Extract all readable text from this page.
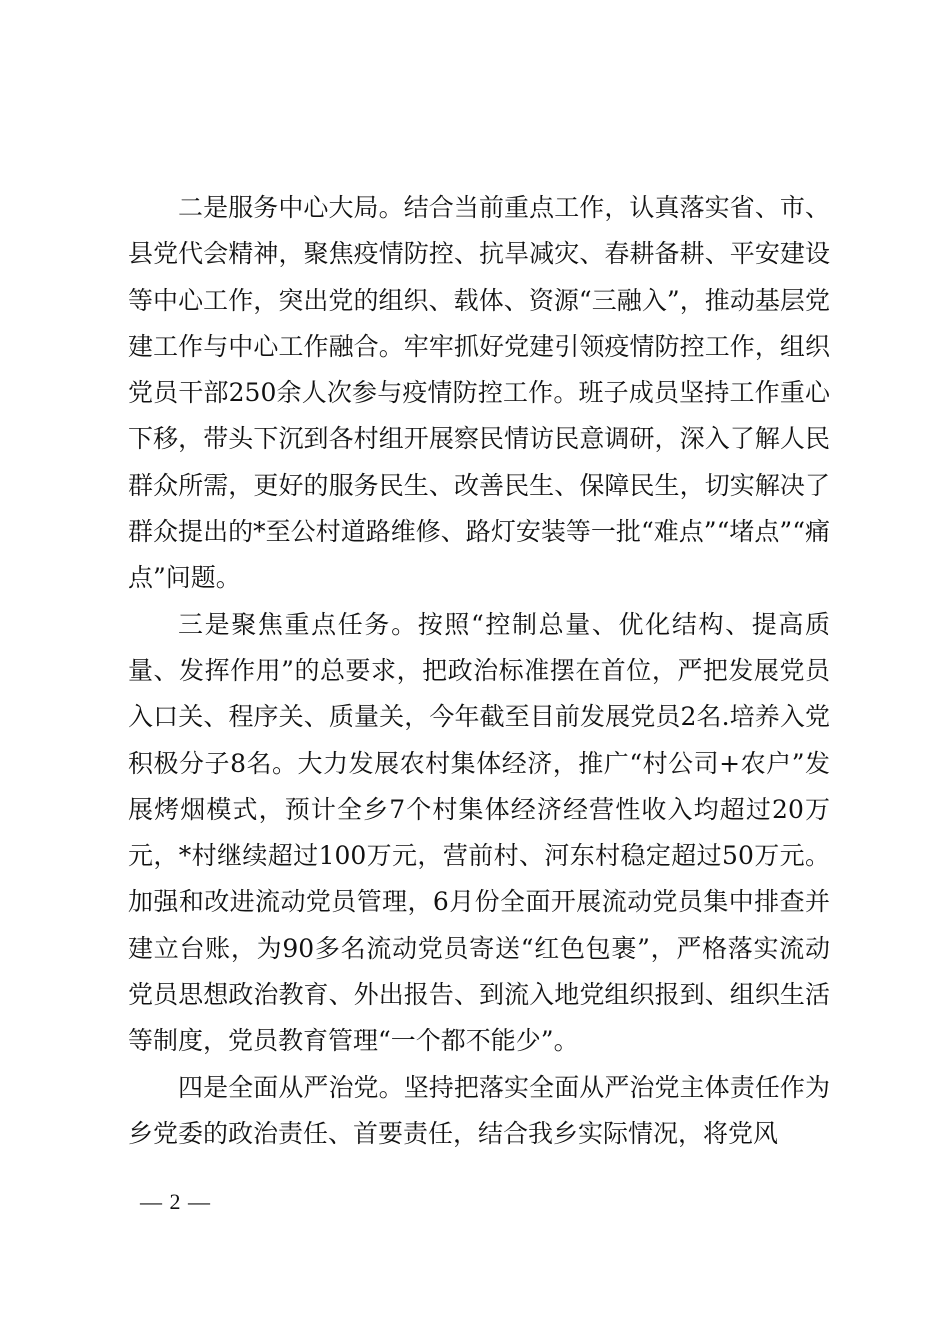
二是服务中心大局。结合当前重点工作，认真落实省、市、县党代会精神，聚焦疫情防控、抗旱减灾、春耕备耕、平安建设等中心工作，突出党的组织、载体、资源“三融入”，推动基层党建工作与中心工作融合。牢牢抓好党建引领疫情防控工作，组织党员干部250余人次参与疫情防控工作。班子成员坚持工作重心下移，带头下沉到各村组开展察民情访民意调研，深入了解人民群众所需，更好的服务民生、改善民生、保障民生，切实解决了群众提出的*至公村道路维修、路灯安装等一批“难点”“堵点”“痛点”问题。

三是聚焦重点任务。按照“控制总量、优化结构、提高质量、发挥作用”的总要求，把政治标准摆在首位，严把发展党员入口关、程序关、质量关，今年截至目前发展党员2名.培养入党积极分子8名。大力发展农村集体经济，推广“村公司+农户”发展烤烟模式，预计全乡7个村集体经济经营性收入均超过20万元，*村继续超过100万元，营前村、河东村稳定超过50万元。加强和改进流动党员管理，6月份全面开展流动党员集中排查并建立台账，为90多名流动党员寄送“红色包裹”，严格落实流动党员思想政治教育、外出报告、到流入地党组织报到、组织生活等制度，党员教育管理“一个都不能少”。

四是全面从严治党。坚持把落实全面从严治党主体责任作为乡党委的政治责任、首要责任，结合我乡实际情况，将党风

— 2 —
